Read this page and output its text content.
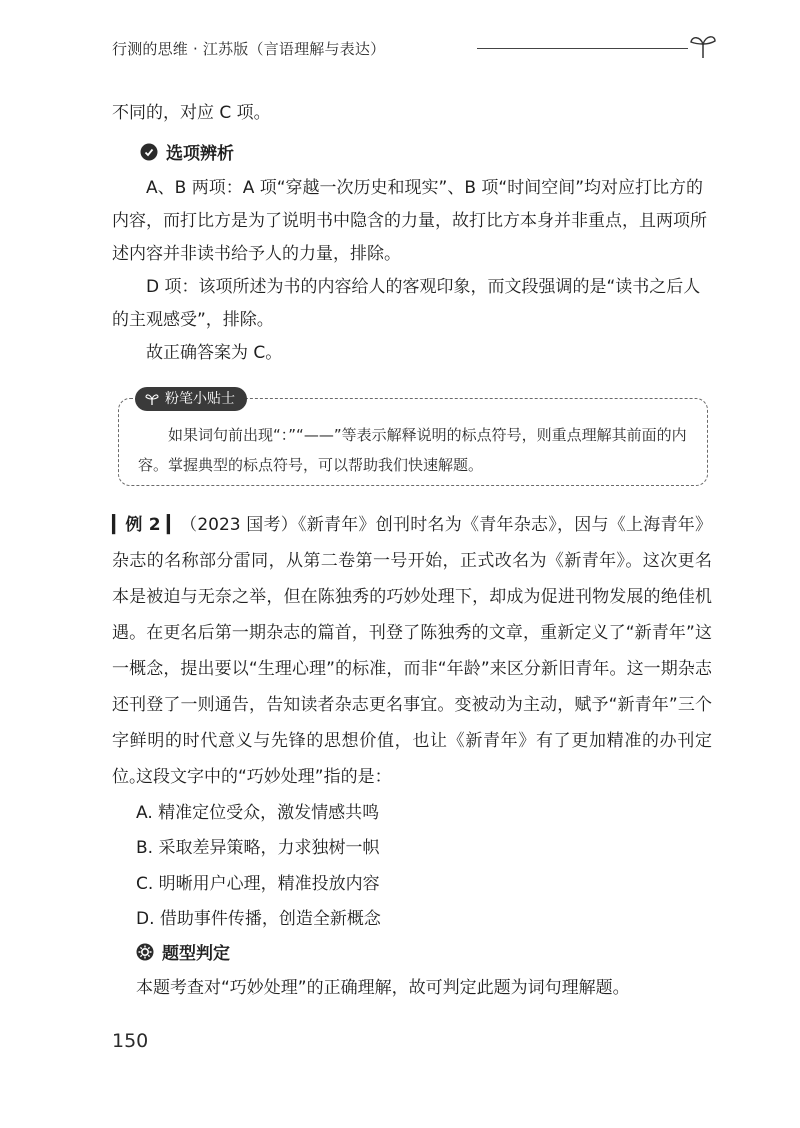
行测的思维 · 江苏版（言语理解与表达）
不同的，对应 C 项。
选项辨析

A、B 两项：A 项“穿越一次历史和现实”、B 项“时间空间”均对应打比方的内容，而打比方是为了说明书中隐含的力量，故打比方本身并非重点，且两项所述内容并非读书给予人的力量，排除。

D 项：该项所述为书的内容给人的客观印象，而文段强调的是“读书之后人的主观感受”，排除。

故正确答案为 C。

粉笔小贴士

如果词句前出现“：”“——”等表示解释说明的标点符号，则重点理解其前面的内容。掌握典型的标点符号，可以帮助我们快速解题。

▎例 2 ▎（2023 国考）《新青年》创刊时名为《青年杂志》，因与《上海青年》杂志的名称部分雷同，从第二卷第一号开始，正式改名为《新青年》。这次更名本是被迫与无奈之举，但在陈独秀的巧妙处理下，却成为促进刊物发展的绝佳机遇。在更名后第一期杂志的篇首，刊登了陈独秀的文章，重新定义了“新青年”这一概念，提出要以“生理心理”的标准，而非“年龄”来区分新旧青年。这一期杂志还刊登了一则通告，告知读者杂志更名事宜。变被动为主动，赋予“新青年”三个字鲜明的时代意义与先锋的思想价值，也让《新青年》有了更加精准的办刊定位。

这段文字中的“巧妙处理”指的是：
A. 精准定位受众，激发情感共鸣
B. 采取差异策略，力求独树一帜
C. 明晰用户心理，精准投放内容
D. 借助事件传播，创造全新概念
题型判定
本题考查对“巧妙处理”的正确理解，故可判定此题为词句理解题。
150
